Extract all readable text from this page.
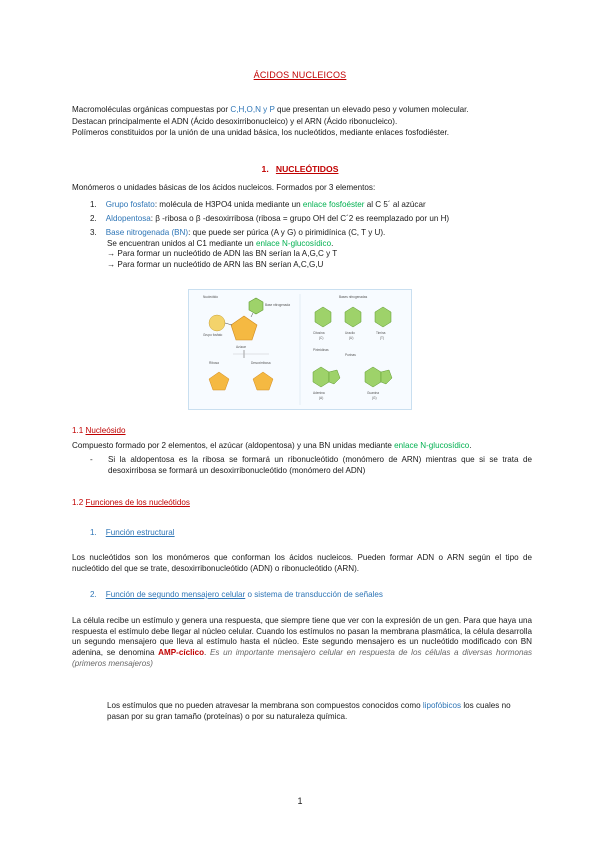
ÁCIDOS NUCLEICOS
Macromoléculas orgánicas compuestas por C,H,O,N y P que presentan un elevado peso y volumen molecular.
Destacan principalmente el ADN (Ácido desoxirribonucleico) y el ARN (Ácido ribonucleico).
Polímeros constituidos por la unión de una unidad básica, los nucleótidos, mediante enlaces fosfodiéster.
1. NUCLEÓTIDOS
Monómeros o unidades básicas de los ácidos nucleicos. Formados por 3 elementos:
1. Grupo fosfato: molécula de H3PO4 unida mediante un enlace fosfoéster al C 5´ al azúcar
2. Aldopentosa: β -ribosa o β -desoxirribosa (ribosa = grupo OH del C´2 es reemplazado por un H)
3. Base nitrogenada (BN): que puede ser púrica (A y G) o pirimidínica (C, T y U).
Se encuentran unidos al C1 mediante un enlace N-glucosídico.
→ Para formar un nucleótido de ADN las BN serían la A,G,C y T
→ Para formar un nucleótido de ARN las BN serían A,C,G,U
Nucleótido	Bases nitrogenadas
Grupo fosfato
Azúcar
Base nitrogenada
Ribosa	Desoxirribosa
Pirimidinas
Citosina
(C)
Uracilo
(U)
Timina
(T)
Purinas
Adenina
(A)
Guanina
(G)
1.1 Nucleósido
Compuesto formado por 2 elementos, el azúcar (aldopentosa) y una BN unidas mediante enlace N-glucosídico.
- Si la aldopentosa es la ribosa se formará un ribonucleótido (monómero de ARN) mientras que si se trata de desoxirribosa se formará un desoxirribonucleótido (monómero del ADN)
1.2 Funciones de los nucleótidos
1. Función estructural
Los nucleótidos son los monómeros que conforman los ácidos nucleicos. Pueden formar ADN o ARN según el tipo de nucleótido del que se trate, desoxirribonucleótido (ADN) o ribonucleótido (ARN).
2. Función de segundo mensajero celular o sistema de transducción de señales
La célula recibe un estímulo y genera una respuesta, que siempre tiene que ver con la expresión de un gen. Para que haya una respuesta el estímulo debe llegar al núcleo celular. Cuando los estímulos no pasan la membrana plasmática, la célula desarrolla un segundo mensajero que lleva al estímulo hasta el núcleo. Este segundo mensajero es un nucleótido modificado con BN adenina, se denomina AMP-cíclico. Es un importante mensajero celular en respuesta de los células a diversas hormonas (primeros mensajeros)
Los estímulos que no pueden atravesar la membrana son compuestos conocidos como lipofóbicos los cuales no pasan por su gran tamaño (proteínas) o por su naturaleza química.
1
